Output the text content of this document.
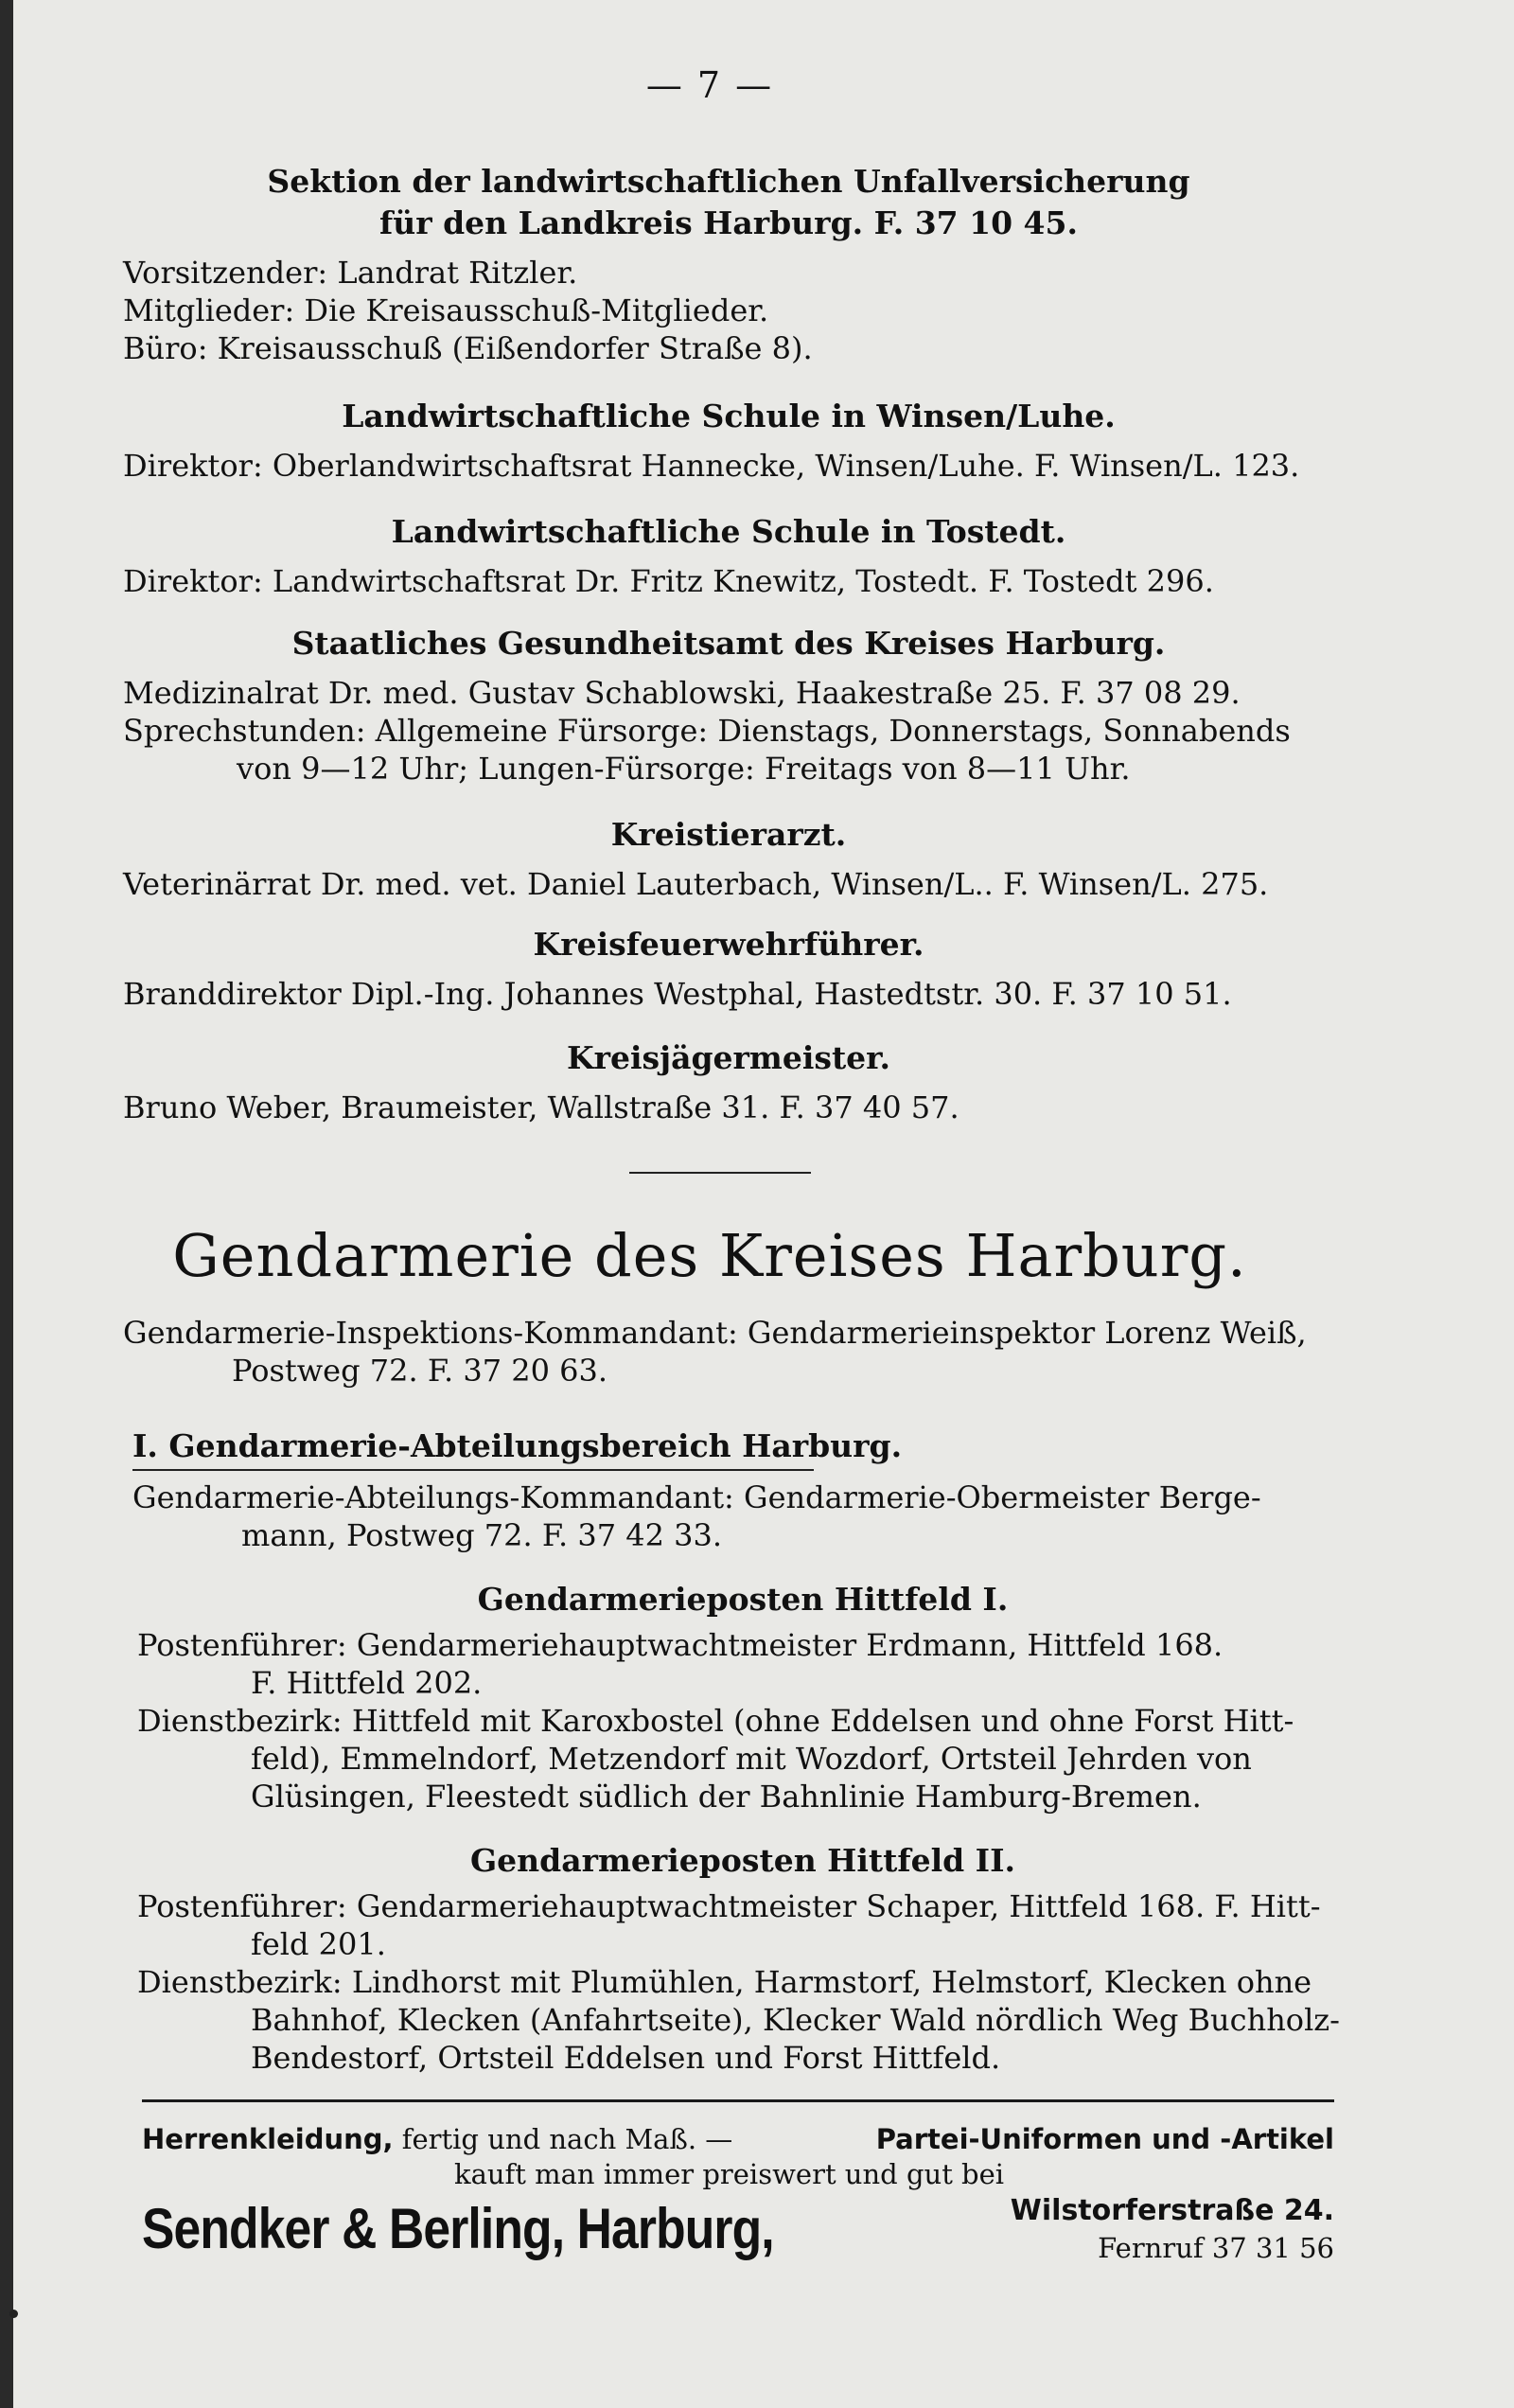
— 7 —

Sektion der landwirtschaftlichen Unfallversicherung

für den Landkreis Harburg. F. 37 10 45.

Vorsitzender: Landrat Ritzler.

Mitglieder: Die Kreisausschuß-Mitglieder.

Büro: Kreisausschuß (Eißendorfer Straße 8).

Landwirtschaftliche Schule in Winsen/Luhe.

Direktor: Oberlandwirtschaftsrat Hannecke, Winsen/Luhe. F. Winsen/L. 123.

Landwirtschaftliche Schule in Tostedt.

Direktor: Landwirtschaftsrat Dr. Fritz Knewitz, Tostedt. F. Tostedt 296.

Staatliches Gesundheitsamt des Kreises Harburg.

Medizinalrat Dr. med. Gustav Schablowski, Haakestraße 25. F. 37 08 29.

Sprechstunden: Allgemeine Fürsorge: Dienstags, Donnerstags, Sonnabends

von 9—12 Uhr; Lungen-Fürsorge: Freitags von 8—11 Uhr.

Kreistierarzt.

Veterinärrat Dr. med. vet. Daniel Lauterbach, Winsen/L.. F. Winsen/L. 275.

Kreisfeuerwehrführer.

Branddirektor Dipl.-Ing. Johannes Westphal, Hastedtstr. 30. F. 37 10 51.

Kreisjägermeister.

Bruno Weber, Braumeister, Wallstraße 31. F. 37 40 57.

Gendarmerie des Kreises Harburg.

Gendarmerie-Inspektions-Kommandant: Gendarmerieinspektor Lorenz Weiß,

Postweg 72. F. 37 20 63.

I. Gendarmerie-Abteilungsbereich Harburg.

Gendarmerie-Abteilungs-Kommandant: Gendarmerie-Obermeister Berge-

mann, Postweg 72. F. 37 42 33.

Gendarmerieposten Hittfeld I.

Postenführer: Gendarmeriehauptwachtmeister Erdmann, Hittfeld 168.

F. Hittfeld 202.

Dienstbezirk: Hittfeld mit Karoxbostel (ohne Eddelsen und ohne Forst Hitt-

feld), Emmelndorf, Metzendorf mit Wozdorf, Ortsteil Jehrden von

Glüsingen, Fleestedt südlich der Bahnlinie Hamburg-Bremen.

Gendarmerieposten Hittfeld II.

Postenführer: Gendarmeriehauptwachtmeister Schaper, Hittfeld 168. F. Hitt-

feld 201.

Dienstbezirk: Lindhorst mit Plumühlen, Harmstorf, Helmstorf, Klecken ohne

Bahnhof, Klecken (Anfahrtseite), Klecker Wald nördlich Weg Buchholz-

Bendestorf, Ortsteil Eddelsen und Forst Hittfeld.

Herrenkleidung, fertig und nach Maß. —	Partei-Uniformen und -Artikel
kauft man immer preiswert und gut bei
Sendker & Berling, Harburg,	Wilstorferstraße 24.
Fernruf 37 31 56
